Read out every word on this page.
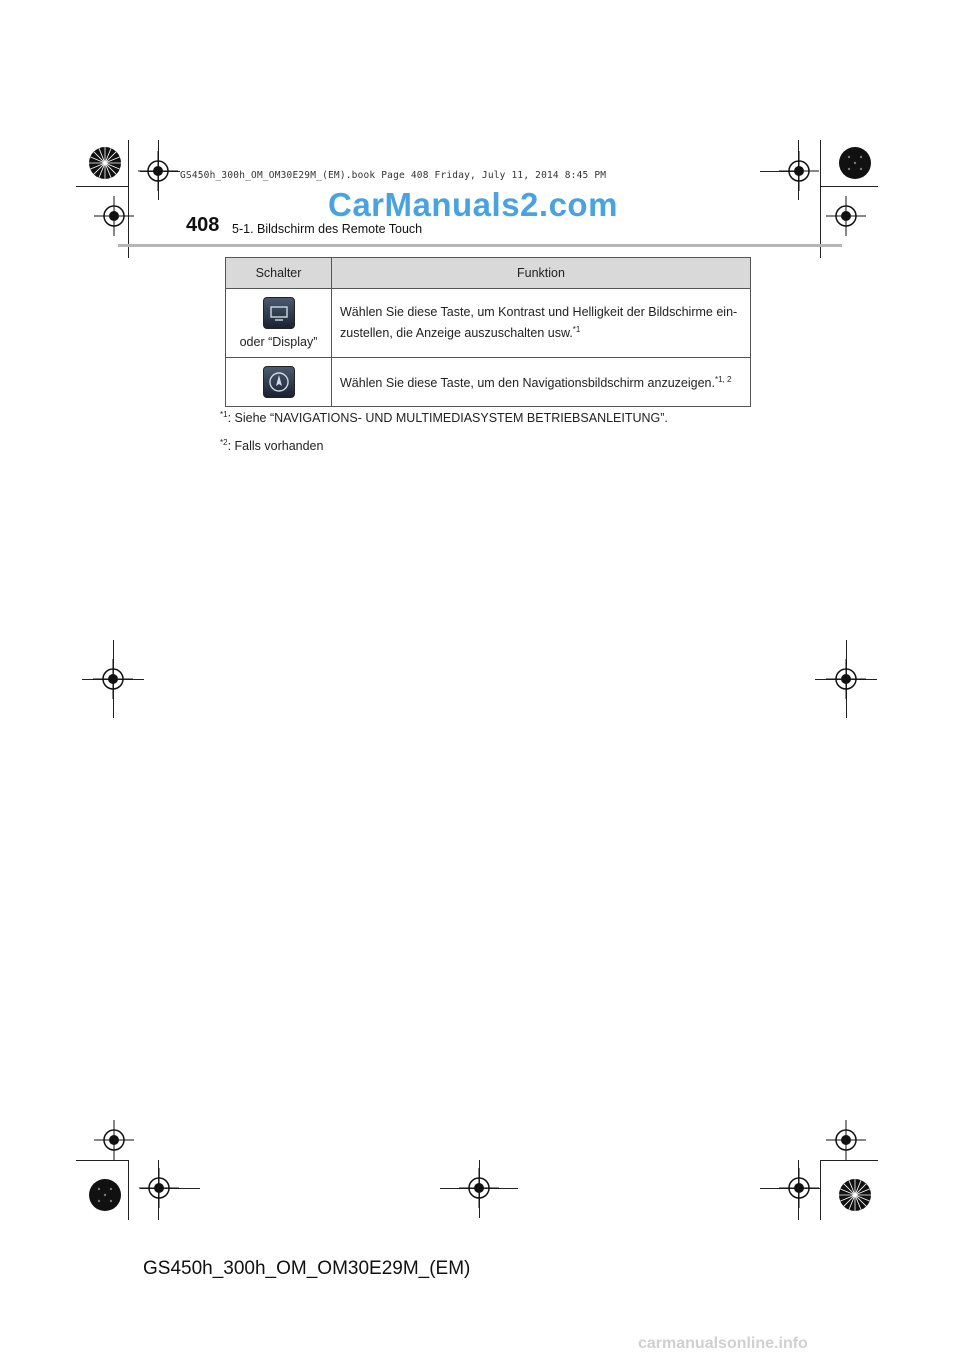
GS450h_300h_OM_OM30E29M_(EM).book Page 408 Friday, July 11, 2014 8:45 PM
CarManuals2.com
408 5-1. Bildschirm des Remote Touch
Schalter	Funktion

oder “Display”	Wählen Sie diese Taste, um Kontrast und Helligkeit der Bildschirme ein-zustellen, die Anzeige auszuschalten usw.$^{*1}$

	Wählen Sie diese Taste, um den Navigationsbildschirm anzuzeigen.$^{*1, 2}$
$^{*1}$: Siehe “NAVIGATIONS- UND MULTIMEDIASYSTEM BETRIEBSANLEITUNG”.
$^{*2}$: Falls vorhanden
GS450h_300h_OM_OM30E29M_(EM)
carmanualsonline.info
